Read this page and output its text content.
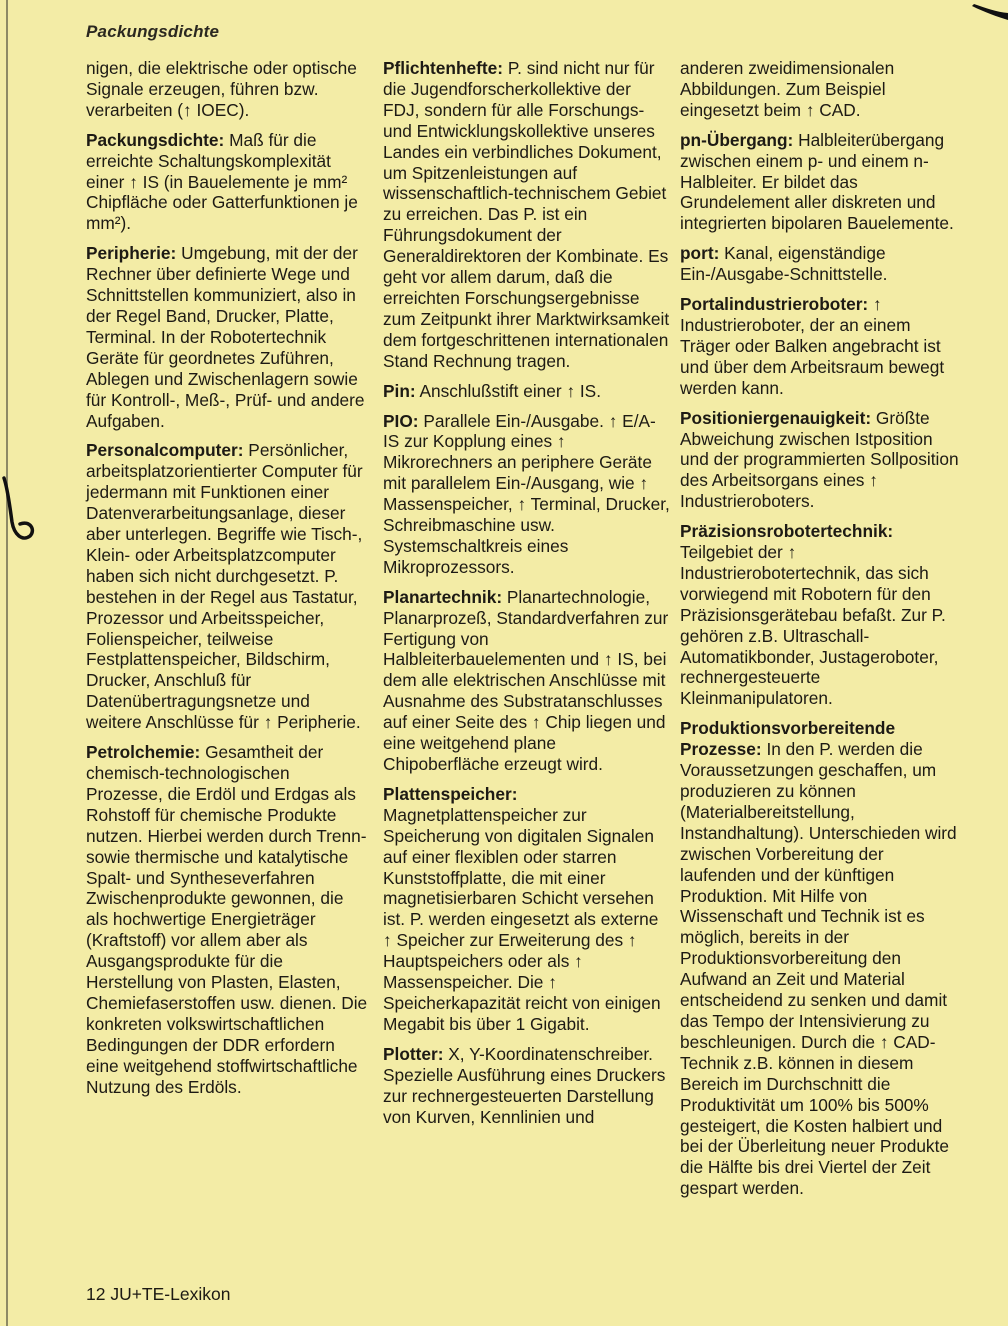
Packungsdichte

nigen, die elektrische oder optische Signale erzeugen, führen bzw. verarbeiten (↑ IOEC).

Packungsdichte: Maß für die erreichte Schaltungskomplexität einer ↑ IS (in Bauelemente je mm² Chipfläche oder Gatterfunktionen je mm²).

Peripherie: Umgebung, mit der der Rechner über definierte Wege und Schnittstellen kommuniziert, also in der Regel Band, Drucker, Platte, Terminal. In der Robotertechnik Geräte für geordnetes Zuführen, Ablegen und Zwischenlagern sowie für Kontroll-, Meß-, Prüf- und andere Aufgaben.

Personalcomputer: Persönlicher, arbeitsplatzorientierter Computer für jedermann mit Funktionen einer Datenverarbeitungsanlage, dieser aber unterlegen. Begriffe wie Tisch-, Klein- oder Arbeitsplatzcomputer haben sich nicht durchgesetzt. P. bestehen in der Regel aus Tastatur, Prozessor und Arbeitsspeicher, Folienspeicher, teilweise Festplattenspeicher, Bildschirm, Drucker, Anschluß für Datenübertragungsnetze und weitere Anschlüsse für ↑ Peripherie.

Petrolchemie: Gesamtheit der chemisch-technologischen Prozesse, die Erdöl und Erdgas als Rohstoff für chemische Produkte nutzen. Hierbei werden durch Trenn- sowie thermische und katalytische Spalt- und Syntheseverfahren Zwischenprodukte gewonnen, die als hochwertige Energieträger (Kraftstoff) vor allem aber als Ausgangsprodukte für die Herstellung von Plasten, Elasten, Chemiefaserstoffen usw. dienen. Die konkreten volkswirtschaftlichen Bedingungen der DDR erfordern eine weitgehend stoffwirtschaftliche Nutzung des Erdöls.

Pflichtenhefte: P. sind nicht nur für die Jugendforscherkollektive der FDJ, sondern für alle Forschungs- und Entwicklungskollektive unseres Landes ein verbindliches Dokument, um Spitzenleistungen auf wissenschaftlich-technischem Gebiet zu erreichen. Das P. ist ein Führungsdokument der Generaldirektoren der Kombinate. Es geht vor allem darum, daß die erreichten Forschungsergebnisse zum Zeitpunkt ihrer Marktwirksamkeit dem fortgeschrittenen internationalen Stand Rechnung tragen.

Pin: Anschlußstift einer ↑ IS.

PIO: Parallele Ein-/Ausgabe. ↑ E/A-IS zur Kopplung eines ↑ Mikrorechners an periphere Geräte mit parallelem Ein-/Ausgang, wie ↑ Massenspeicher, ↑ Terminal, Drucker, Schreibmaschine usw. Systemschaltkreis eines Mikroprozessors.

Planartechnik: Planartechnologie, Planarprozeß, Standardverfahren zur Fertigung von Halbleiterbauelementen und ↑ IS, bei dem alle elektrischen Anschlüsse mit Ausnahme des Substratanschlusses auf einer Seite des ↑ Chip liegen und eine weitgehend plane Chipoberfläche erzeugt wird.

Plattenspeicher: Magnetplattenspeicher zur Speicherung von digitalen Signalen auf einer flexiblen oder starren Kunststoffplatte, die mit einer magnetisierbaren Schicht versehen ist. P. werden eingesetzt als externe ↑ Speicher zur Erweiterung des ↑ Hauptspeichers oder als ↑ Massenspeicher. Die ↑ Speicherkapazität reicht von einigen Megabit bis über 1 Gigabit.

Plotter: X, Y-Koordinatenschreiber. Spezielle Ausführung eines Druckers zur rechnergesteuerten Darstellung von Kurven, Kennlinien und

anderen zweidimensionalen Abbildungen. Zum Beispiel eingesetzt beim ↑ CAD.

pn-Übergang: Halbleiterübergang zwischen einem p- und einem n-Halbleiter. Er bildet das Grundelement aller diskreten und integrierten bipolaren Bauelemente.

port: Kanal, eigenständige Ein-/Ausgabe-Schnittstelle.

Portalindustrieroboter: ↑ Industrieroboter, der an einem Träger oder Balken angebracht ist und über dem Arbeitsraum bewegt werden kann.

Positioniergenauigkeit: Größte Abweichung zwischen Istposition und der programmierten Sollposition des Arbeitsorgans eines ↑ Industrieroboters.

Präzisionsrobotertechnik: Teilgebiet der ↑ Industrierobotertechnik, das sich vorwiegend mit Robotern für den Präzisionsgerätebau befaßt. Zur P. gehören z.B. Ultraschall-Automatikbonder, Justageroboter, rechnergesteuerte Kleinmanipulatoren.

Produktionsvorbereitende Prozesse: In den P. werden die Voraussetzungen geschaffen, um produzieren zu können (Materialbereitstellung, Instandhaltung). Unterschieden wird zwischen Vorbereitung der laufenden und der künftigen Produktion. Mit Hilfe von Wissenschaft und Technik ist es möglich, bereits in der Produktionsvorbereitung den Aufwand an Zeit und Material entscheidend zu senken und damit das Tempo der Intensivierung zu beschleunigen. Durch die ↑ CAD-Technik z.B. können in diesem Bereich im Durchschnitt die Produktivität um 100% bis 500% gesteigert, die Kosten halbiert und bei der Überleitung neuer Produkte die Hälfte bis drei Viertel der Zeit gespart werden.

12 JU+TE-Lexikon
